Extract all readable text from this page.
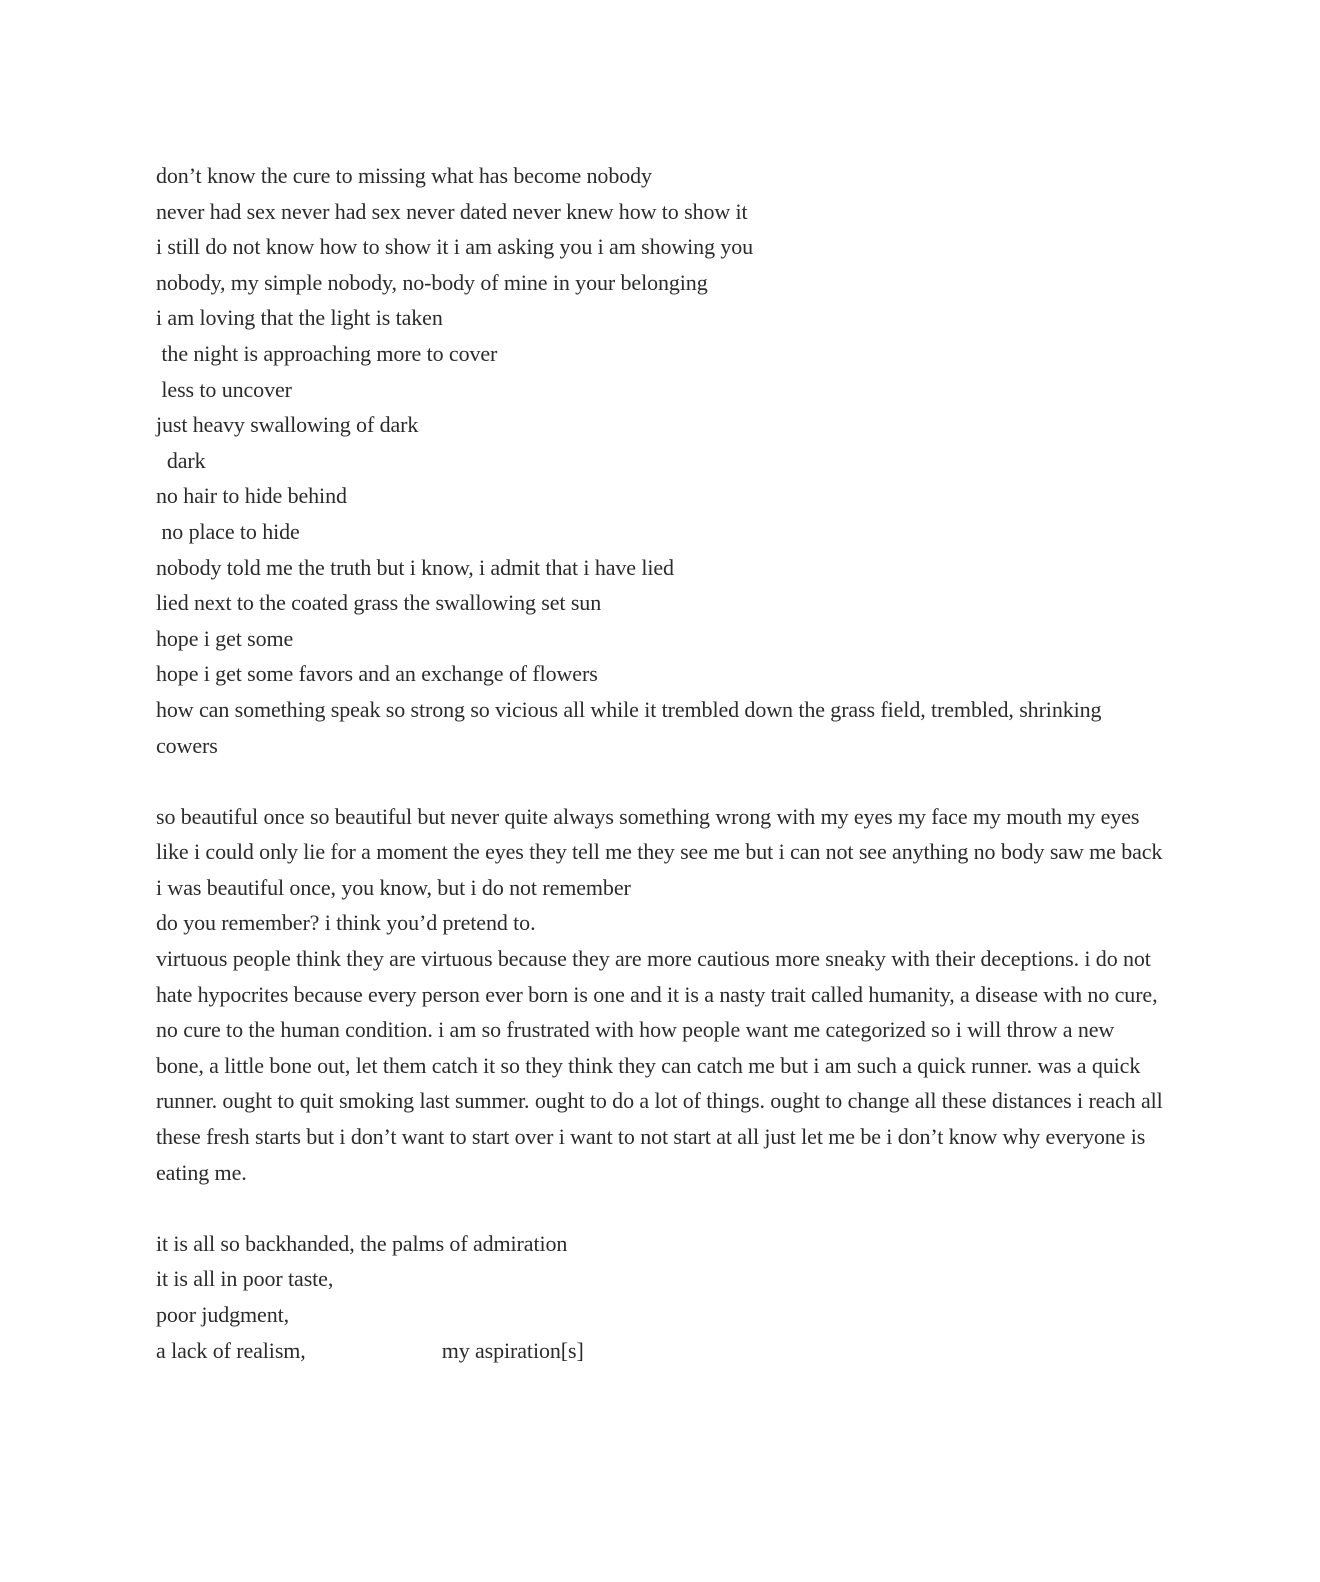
don’t know the cure to missing what has become nobody
never had sex never had sex never dated never knew how to show it
i still do not know how to show it i am asking you i am showing you
nobody, my simple nobody, no-body of mine in your belonging
i am loving that the light is taken
the night is approaching more to cover
less to uncover
just heavy swallowing of dark
dark
no hair to hide behind
no place to hide
nobody told me the truth but i know, i admit that i have lied
lied next to the coated grass the swallowing set sun
hope i get some
hope i get some favors and an exchange of flowers
how can something speak so strong so vicious all while it trembled down the grass field, trembled, shrinking cowers
so beautiful once so beautiful but never quite always something wrong with my eyes my face my mouth my eyes like i could only lie for a moment the eyes they tell me they see me but i can not see anything no body saw me back
i was beautiful once, you know, but i do not remember
do you remember? i think you’d pretend to.
virtuous people think they are virtuous because they are more cautious more sneaky with their deceptions. i do not hate hypocrites because every person ever born is one and it is a nasty trait called humanity, a disease with no cure, no cure to the human condition. i am so frustrated with how people want me categorized so i will throw a new bone, a little bone out, let them catch it so they think they can catch me but i am such a quick runner. was a quick runner. ought to quit smoking last summer. ought to do a lot of things. ought to change all these distances i reach all these fresh starts but i don’t want to start over i want to not start at all just let me be i don’t know why everyone is eating me.
it is all so backhanded, the palms of admiration
it is all in poor taste,
poor judgment,
a lack of realism,	my aspiration[s]
